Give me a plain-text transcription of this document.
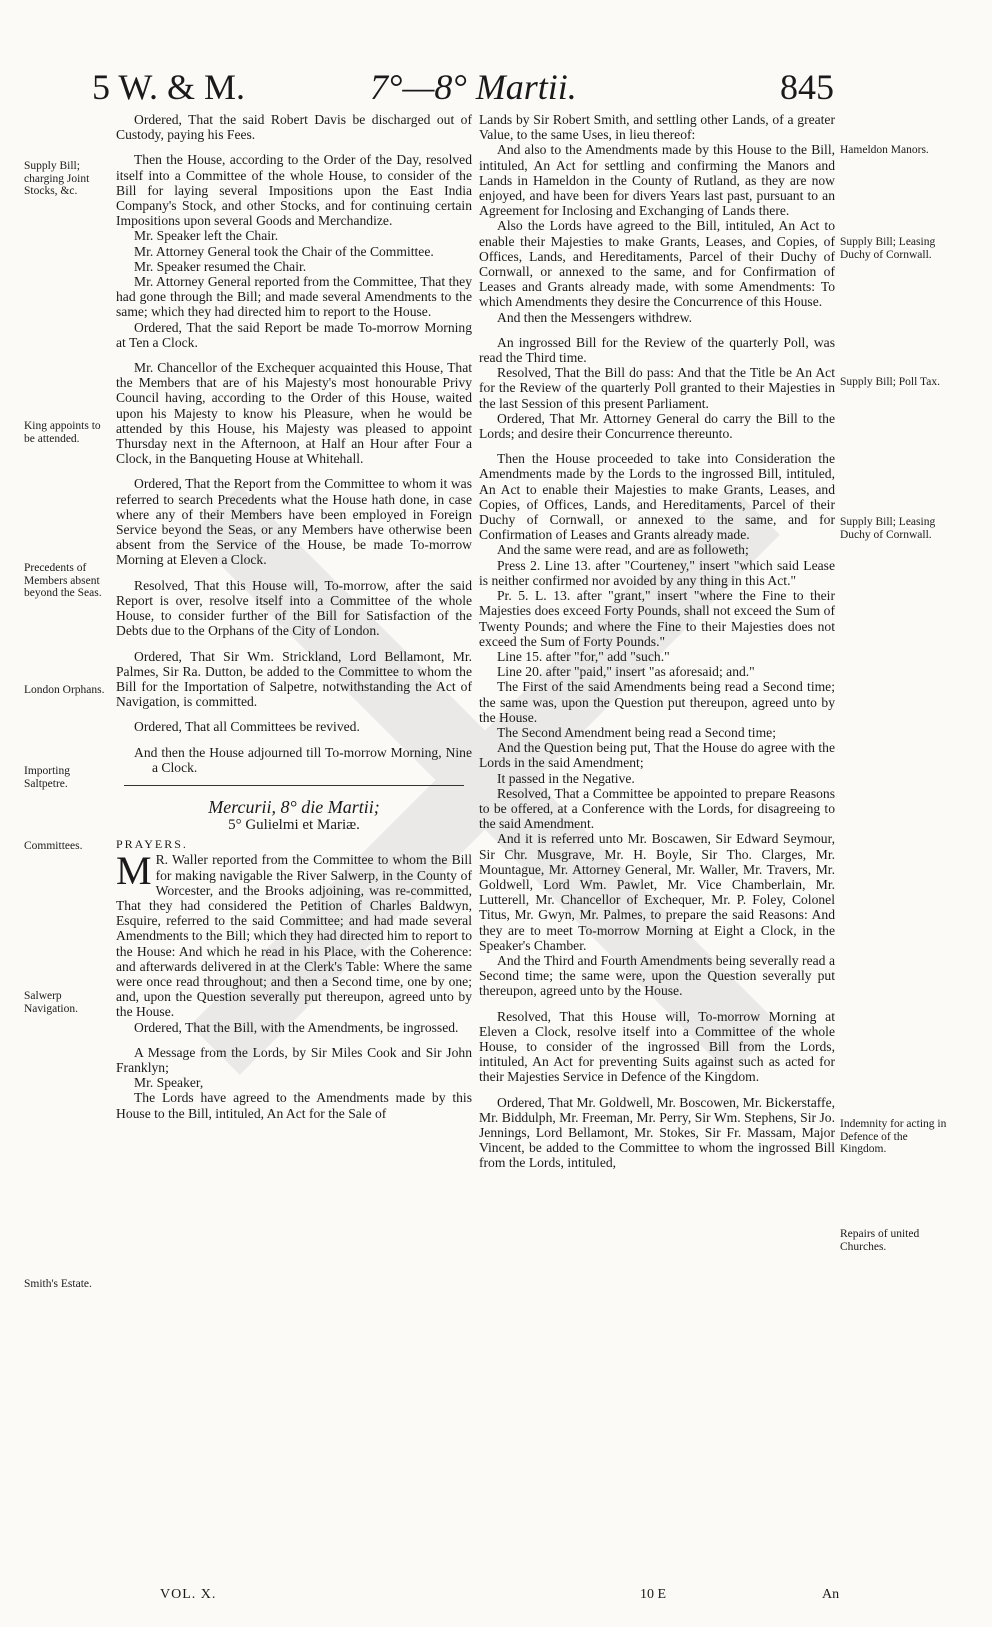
5 W. & M.	7°—8° Martii.	845

Ordered, That the said Robert Davis be discharged out of Custody, paying his Fees.

Then the House, according to the Order of the Day, resolved itself into a Committee of the whole House, to consider of the Bill for laying several Impositions upon the East India Company's Stock, and other Stocks, and for continuing certain Impositions upon several Goods and Merchandize.

Mr. Speaker left the Chair.

Mr. Attorney General took the Chair of the Committee.

Mr. Speaker resumed the Chair.

Mr. Attorney General reported from the Committee, That they had gone through the Bill; and made several Amendments to the same; which they had directed him to report to the House.

Ordered, That the said Report be made To-morrow Morning at Ten a Clock.

Mr. Chancellor of the Exchequer acquainted this House, That the Members that are of his Majesty's most honourable Privy Council having, according to the Order of this House, waited upon his Majesty to know his Pleasure, when he would be attended by this House, his Majesty was pleased to appoint Thursday next in the Afternoon, at Half an Hour after Four a Clock, in the Banqueting House at Whitehall.

Ordered, That the Report from the Committee to whom it was referred to search Precedents what the House hath done, in case where any of their Members have been employed in Foreign Service beyond the Seas, or any Members have otherwise been absent from the Service of the House, be made To-morrow Morning at Eleven a Clock.

Resolved, That this House will, To-morrow, after the said Report is over, resolve itself into a Committee of the whole House, to consider further of the Bill for Satisfaction of the Debts due to the Orphans of the City of London.

Ordered, That Sir Wm. Strickland, Lord Bellamont, Mr. Palmes, Sir Ra. Dutton, be added to the Committee to whom the Bill for the Importation of Salpetre, notwithstanding the Act of Navigation, is committed.

Ordered, That all Committees be revived.

And then the House adjourned till To-morrow Morning, Nine a Clock.

Mercurii, 8° die Martii;

5° Gulielmi et Mariæ.

PRAYERS.

M R. Waller reported from the Committee to whom the Bill for making navigable the River Salwerp, in the County of Worcester, and the Brooks adjoining, was re-committed, That they had considered the Petition of Charles Baldwyn, Esquire, referred to the said Committee; and had made several Amendments to the Bill; which they had directed him to report to the House: And which he read in his Place, with the Coherence: and afterwards delivered in at the Clerk's Table: Where the same were once read throughout; and then a Second time, one by one; and, upon the Question severally put thereupon, agreed unto by the House.

Ordered, That the Bill, with the Amendments, be ingrossed.

A Message from the Lords, by Sir Miles Cook and Sir John Franklyn;

Mr. Speaker,

The Lords have agreed to the Amendments made by this House to the Bill, intituled, An Act for the Sale of

Lands by Sir Robert Smith, and settling other Lands, of a greater Value, to the same Uses, in lieu thereof:

And also to the Amendments made by this House to the Bill, intituled, An Act for settling and confirming the Manors and Lands in Hameldon in the County of Rutland, as they are now enjoyed, and have been for divers Years last past, pursuant to an Agreement for Inclosing and Exchanging of Lands there.

Also the Lords have agreed to the Bill, intituled, An Act to enable their Majesties to make Grants, Leases, and Copies, of Offices, Lands, and Hereditaments, Parcel of their Duchy of Cornwall, or annexed to the same, and for Confirmation of Leases and Grants already made, with some Amendments: To which Amendments they desire the Concurrence of this House.

And then the Messengers withdrew.

An ingrossed Bill for the Review of the quarterly Poll, was read the Third time.

Resolved, That the Bill do pass: And that the Title be An Act for the Review of the quarterly Poll granted to their Majesties in the last Session of this present Parliament.

Ordered, That Mr. Attorney General do carry the Bill to the Lords; and desire their Concurrence thereunto.

Then the House proceeded to take into Consideration the Amendments made by the Lords to the ingrossed Bill, intituled, An Act to enable their Majesties to make Grants, Leases, and Copies, of Offices, Lands, and Hereditaments, Parcel of their Duchy of Cornwall, or annexed to the same, and for Confirmation of Leases and Grants already made.

And the same were read, and are as followeth;

Press 2. Line 13. after "Courteney," insert "which said Lease is neither confirmed nor avoided by any thing in this Act."

Pr. 5. L. 13. after "grant," insert "where the Fine to their Majesties does exceed Forty Pounds, shall not exceed the Sum of Twenty Pounds; and where the Fine to their Majesties does not exceed the Sum of Forty Pounds."

Line 15. after "for," add "such."

Line 20. after "paid," insert "as aforesaid; and."

The First of the said Amendments being read a Second time; the same was, upon the Question put thereupon, agreed unto by the House.

The Second Amendment being read a Second time;

And the Question being put, That the House do agree with the Lords in the said Amendment;

It passed in the Negative.

Resolved, That a Committee be appointed to prepare Reasons to be offered, at a Conference with the Lords, for disagreeing to the said Amendment.

And it is referred unto Mr. Boscawen, Sir Edward Seymour, Sir Chr. Musgrave, Mr. H. Boyle, Sir Tho. Clarges, Mr. Mountague, Mr. Attorney General, Mr. Waller, Mr. Travers, Mr. Goldwell, Lord Wm. Pawlet, Mr. Vice Chamberlain, Mr. Lutterell, Mr. Chancellor of Exchequer, Mr. P. Foley, Colonel Titus, Mr. Gwyn, Mr. Palmes, to prepare the said Reasons: And they are to meet To-morrow Morning at Eight a Clock, in the Speaker's Chamber.

And the Third and Fourth Amendments being severally read a Second time; the same were, upon the Question severally put thereupon, agreed unto by the House.

Resolved, That this House will, To-morrow Morning at Eleven a Clock, resolve itself into a Committee of the whole House, to consider of the ingrossed Bill from the Lords, intituled, An Act for preventing Suits against such as acted for their Majesties Service in Defence of the Kingdom.

Ordered, That Mr. Goldwell, Mr. Boscowen, Mr. Bickerstaffe, Mr. Biddulph, Mr. Freeman, Mr. Perry, Sir Wm. Stephens, Sir Jo. Jennings, Lord Bellamont, Mr. Stokes, Sir Fr. Massam, Major Vincent, be added to the Committee to whom the ingrossed Bill from the Lords, intituled,

Supply Bill; charging Joint Stocks, &c.
King appoints to be attended.
Precedents of Members absent beyond the Seas.
London Orphans.
Importing Saltpetre.
Committees.
Salwerp Navigation.
Smith's Estate.
Hameldon Manors.
Supply Bill; Leasing Duchy of Cornwall.
Supply Bill; Poll Tax.
Supply Bill; Leasing Duchy of Cornwall.
Indemnity for acting in Defence of the Kingdom.
Repairs of united Churches.
VOL. X.	10 E	An
